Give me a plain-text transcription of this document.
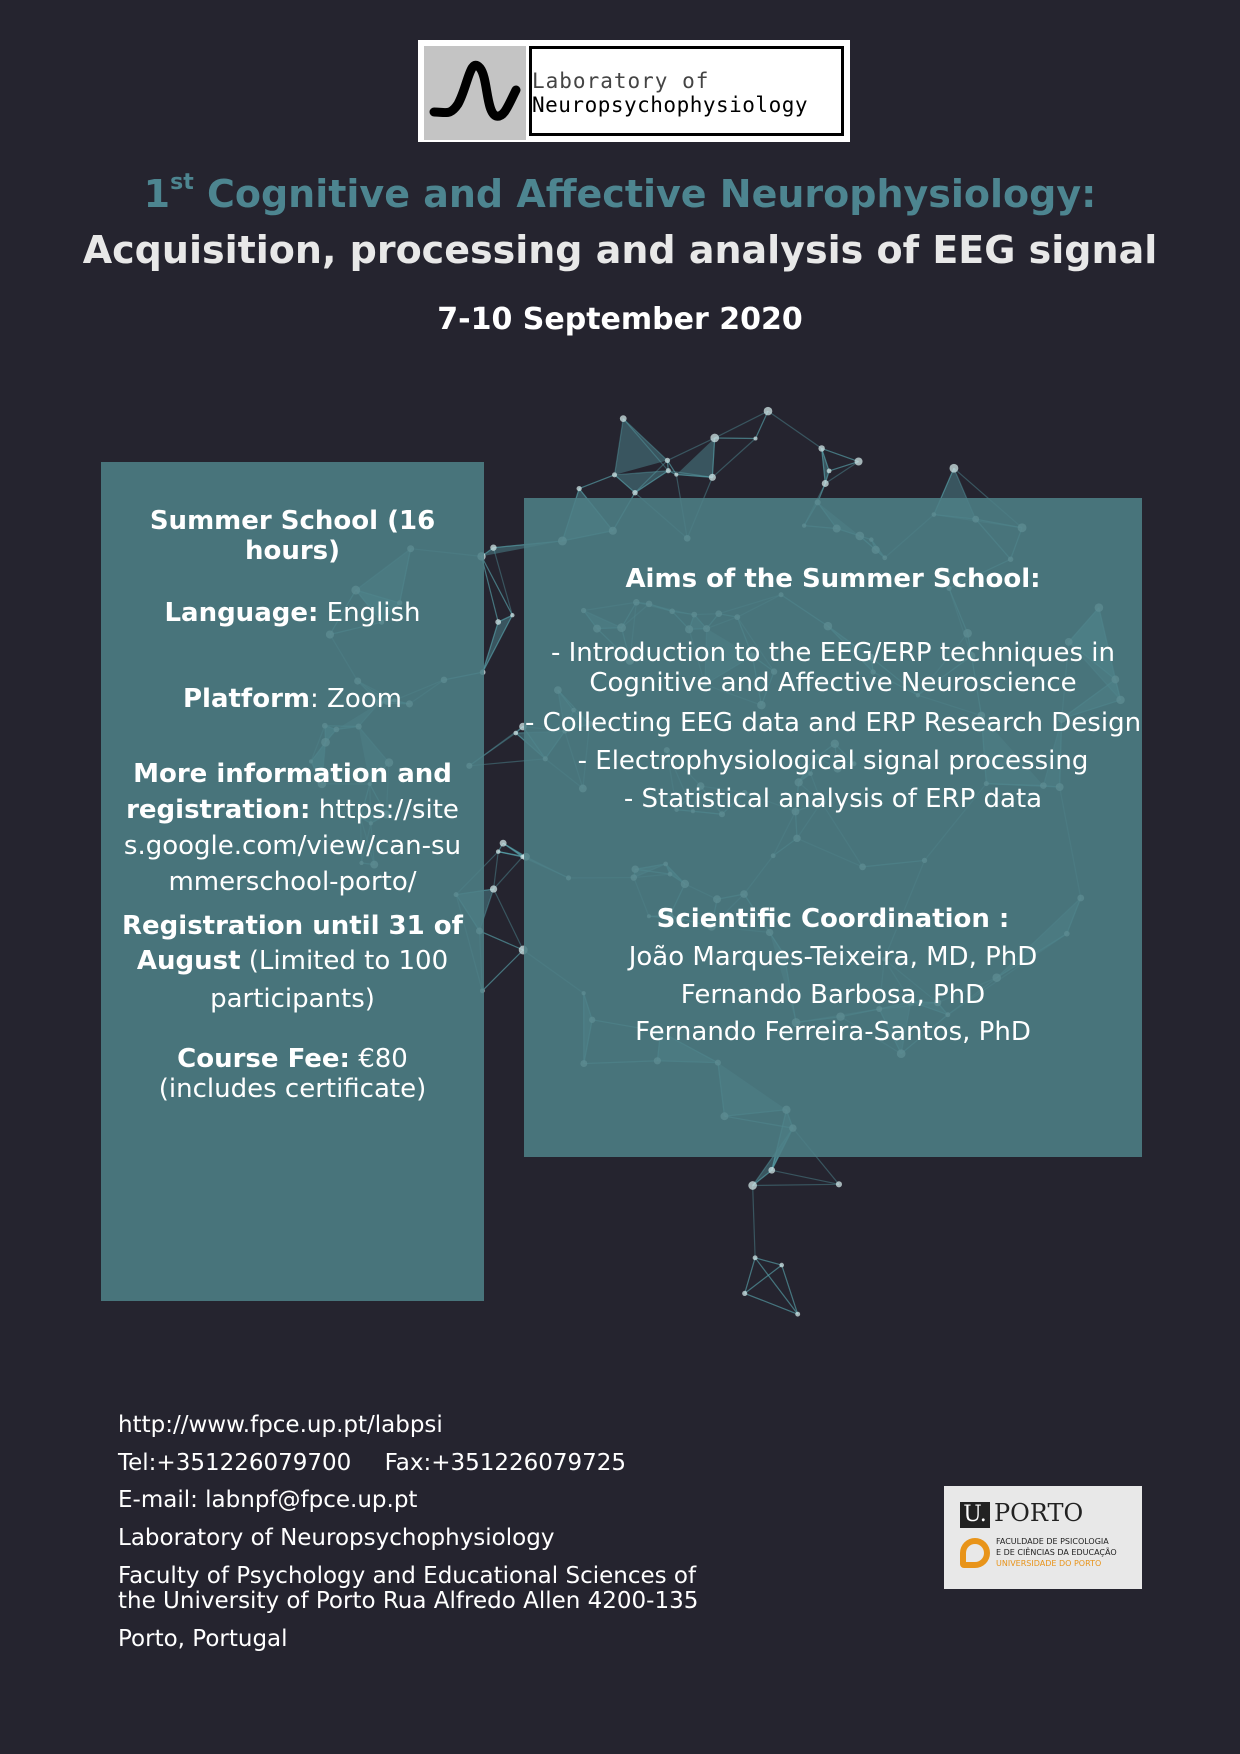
Laboratory of
Neuropsychophysiology
1st Cognitive and Affective Neurophysiology:
Acquisition, processing and analysis of EEG signal
7-10 September 2020
Summer School (16 hours)
Language: English
Platform: Zoom
More information and registration: https://sites.google.com/view/can-summerschool-porto/
Registration until 31 of August (Limited to 100 participants)
Course Fee: €80 (includes certificate)
Aims of the Summer School:
- Introduction to the EEG/ERP techniques in Cognitive and Affective Neuroscience
- Collecting EEG data and ERP Research Design
- Electrophysiological signal processing
- Statistical analysis of ERP data
Scientific Coordination :
João Marques-Teixeira, MD, PhD
Fernando Barbosa, PhD
Fernando Ferreira-Santos, PhD
http://www.fpce.up.pt/labpsi
Tel:+351226079700 Fax:+351226079725
E-mail: labnpf@fpce.up.pt
Laboratory of Neuropsychophysiology
Faculty of Psychology and Educational Sciences of
the University of Porto Rua Alfredo Allen 4200-135
Porto, Portugal
U. PORTO
FACULDADE DE PSICOLOGIA
E DE CIÊNCIAS DA EDUCAÇÃO
UNIVERSIDADE DO PORTO
